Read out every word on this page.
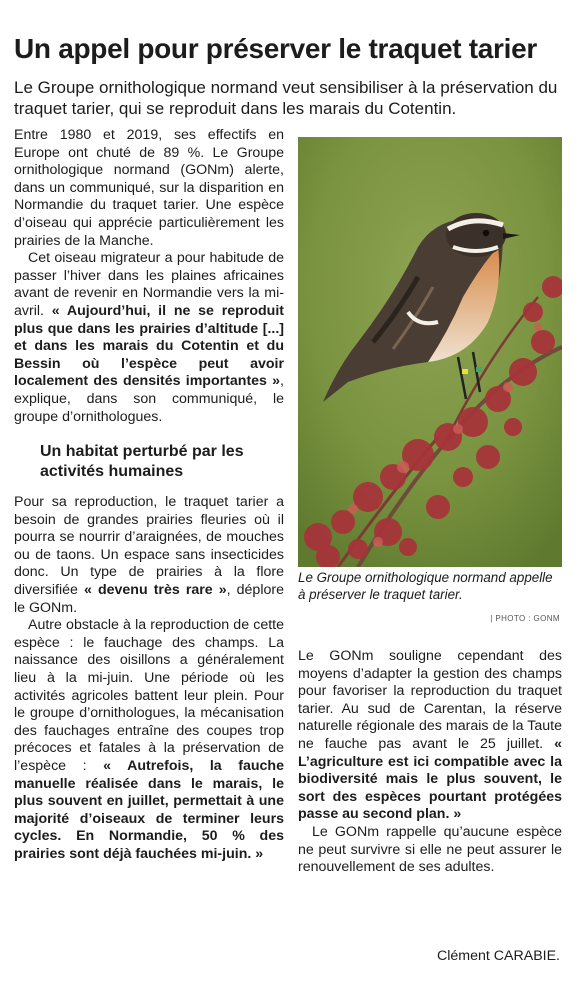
Un appel pour préserver le traquet tarier

Le Groupe ornithologique normand veut sensibiliser à la préservation du traquet tarier, qui se reproduit dans les marais du Cotentin.

Entre 1980 et 2019, ses effectifs en Europe ont chuté de 89 %. Le Groupe ornithologique normand (GONm) alerte, dans un communiqué, sur la disparition en Normandie du traquet tarier. Une espèce d’oiseau qui apprécie particulièrement les prairies de la Manche.

Cet oiseau migrateur a pour habitude de passer l’hiver dans les plaines africaines avant de revenir en Normandie vers la mi-avril. « Aujourd’hui, il ne se reproduit plus que dans les prairies d’altitude [...] et dans les marais du Cotentin et du Bessin où l’espèce peut avoir localement des densités importantes », explique, dans son communiqué, le groupe d’ornithologues.

Un habitat perturbé par les activités humaines

Pour sa reproduction, le traquet tarier a besoin de grandes prairies fleuries où il pourra se nourrir d’araignées, de mouches ou de taons. Un espace sans insecticides donc. Un type de prairies à la flore diversifiée « devenu très rare », déplore le GONm.

Autre obstacle à la reproduction de cette espèce : le fauchage des champs. La naissance des oisillons a généralement lieu à la mi-juin. Une période où les activités agricoles battent leur plein. Pour le groupe d’ornithologues, la mécanisation des fauchages entraîne des coupes trop précoces et fatales à la préservation de l’espèce : « Autrefois, la fauche manuelle réalisée dans le marais, le plus souvent en juillet, permettait à une majorité d’oiseaux de terminer leurs cycles. En Normandie, 50 % des prairies sont déjà fauchées mi-juin. »

Le GONm souligne cependant des moyens d’adapter la gestion des champs pour favoriser la reproduction du traquet tarier. Au sud de Carentan, la réserve naturelle régionale des marais de la Taute ne fauche pas avant le 25 juillet. « L’agriculture est ici compatible avec la biodiversité mais le plus souvent, le sort des espèces pourtant protégées passe au second plan. »

Le GONm rappelle qu’aucune espèce ne peut survivre si elle ne peut assurer le renouvellement de ses adultes.

Clément CARABIE.

Le Groupe ornithologique normand appelle à préserver le traquet tarier.

| PHOTO : GONM
